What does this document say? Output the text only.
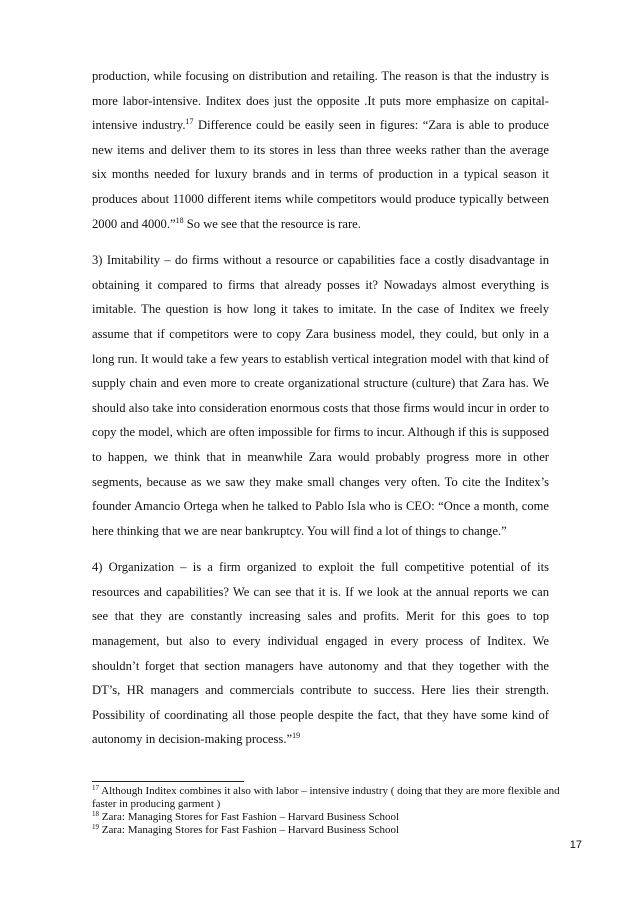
production, while focusing on distribution and retailing. The reason is that the industry is more labor-intensive. Inditex does just the opposite .It puts more emphasize on capital-intensive industry.$^{17}$ Difference could be easily seen in figures: “Zara is able to produce new items and deliver them to its stores in less than three weeks rather than the average six months needed for luxury brands and in terms of production in a typical season it produces about 11000 different items while competitors would produce typically between 2000 and 4000.”$^{18}$ So we see that the resource is rare.

3) Imitability – do firms without a resource or capabilities face a costly disadvantage in obtaining it compared to firms that already posses it? Nowadays almost everything is imitable. The question is how long it takes to imitate. In the case of Inditex we freely assume that if competitors were to copy Zara business model, they could, but only in a long run. It would take a few years to establish vertical integration model with that kind of supply chain and even more to create organizational structure (culture) that Zara has. We should also take into consideration enormous costs that those firms would incur in order to copy the model, which are often impossible for firms to incur. Although if this is supposed to happen, we think that in meanwhile Zara would probably progress more in other segments, because as we saw they make small changes very often. To cite the Inditex’s founder Amancio Ortega when he talked to Pablo Isla who is CEO: “Once a month, come here thinking that we are near bankruptcy. You will find a lot of things to change.”

4) Organization – is a firm organized to exploit the full competitive potential of its resources and capabilities? We can see that it is. If we look at the annual reports we can see that they are constantly increasing sales and profits. Merit for this goes to top management, but also to every individual engaged in every process of Inditex. We shouldn’t forget that section managers have autonomy and that they together with the DT’s, HR managers and commercials contribute to success. Here lies their strength. Possibility of coordinating all those people despite the fact, that they have some kind of autonomy in decision-making process.”$^{19}$

$^{17}$ Although Inditex combines it also with labor – intensive industry ( doing that they are more flexible and faster in producing garment )

$^{18}$ Zara: Managing Stores for Fast Fashion – Harvard Business School

$^{19}$ Zara: Managing Stores for Fast Fashion – Harvard Business School

17
